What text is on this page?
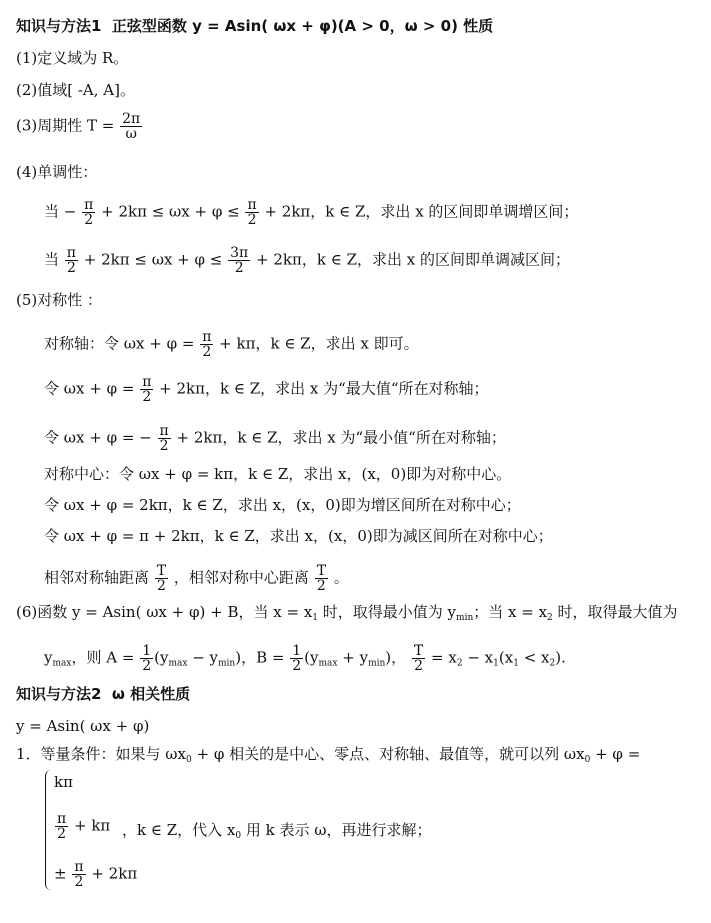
知识与方法1 正弦型函数 y = Asin( ωx + φ)(A > 0，ω > 0) 性质
(1)定义域为 R。
(2)值域[ -A, A]。
(3)周期性 $T = \frac{2\pi}{\omega}$
(4)单调性：
当 − $\frac{\pi}{2} + 2k\pi \le \omega x + \varphi \le \frac{\pi}{2} + 2k\pi$，k ∈ Z，求出 x 的区间即单调增区间；
当 $\frac{\pi}{2} + 2k\pi \le \omega x + \varphi \le \frac{3\pi}{2} + 2k\pi$，k ∈ Z，求出 x 的区间即单调减区间；
(5)对称性 ：
对称轴：令 $\omega x + \varphi = \frac{\pi}{2} + k\pi$，k ∈ Z，求出 x 即可。
令 $\omega x + \varphi = \frac{\pi}{2} + 2k\pi$，k ∈ Z，求出 x 为“最大值“所在对称轴；
令 ωx + φ = − $\frac{\pi}{2} + 2k\pi$，k ∈ Z，求出 x 为“最小值“所在对称轴；
对称中心：令 ωx + φ = kπ，k ∈ Z，求出 x，(x，0)即为对称中心。
令 ωx + φ = 2kπ，k ∈ Z，求出 x，(x，0)即为增区间所在对称中心；
令 ωx + φ = π + 2kπ，k ∈ Z，求出 x，(x，0)即为减区间所在对称中心；
相邻对称轴距离 $\frac{T}{2}$ ，相邻对称中心距离 $\frac{T}{2}$ 。
(6)函数 y = Asin( ωx + φ) + B，当 $x = x_1$ 时，取得最小值为 $y_{min}$；当 $x = x_2$ 时，取得最大值为
$y_{max}$，则 $A = \frac{1}{2} (y_{max} - y_{min})$，$B = \frac{1}{2} (y_{max} + y_{min})$， $\frac{T}{2} = x_2 - x_1(x_1 < x_2)$.
知识与方法2 ω 相关性质
y = Asin( ωx + φ)
1．等量条件：如果与 $\omega x_0 + \varphi$ 相关的是中心、零点、对称轴、最值等，就可以列 $\omega x_0 + \varphi$ =
kπ
$\frac{\pi}{2} + k\pi$
± $\frac{\pi}{2} + 2k\pi$
，k ∈ Z，代入 $x_0$ 用 k 表示 ω，再进行求解；
